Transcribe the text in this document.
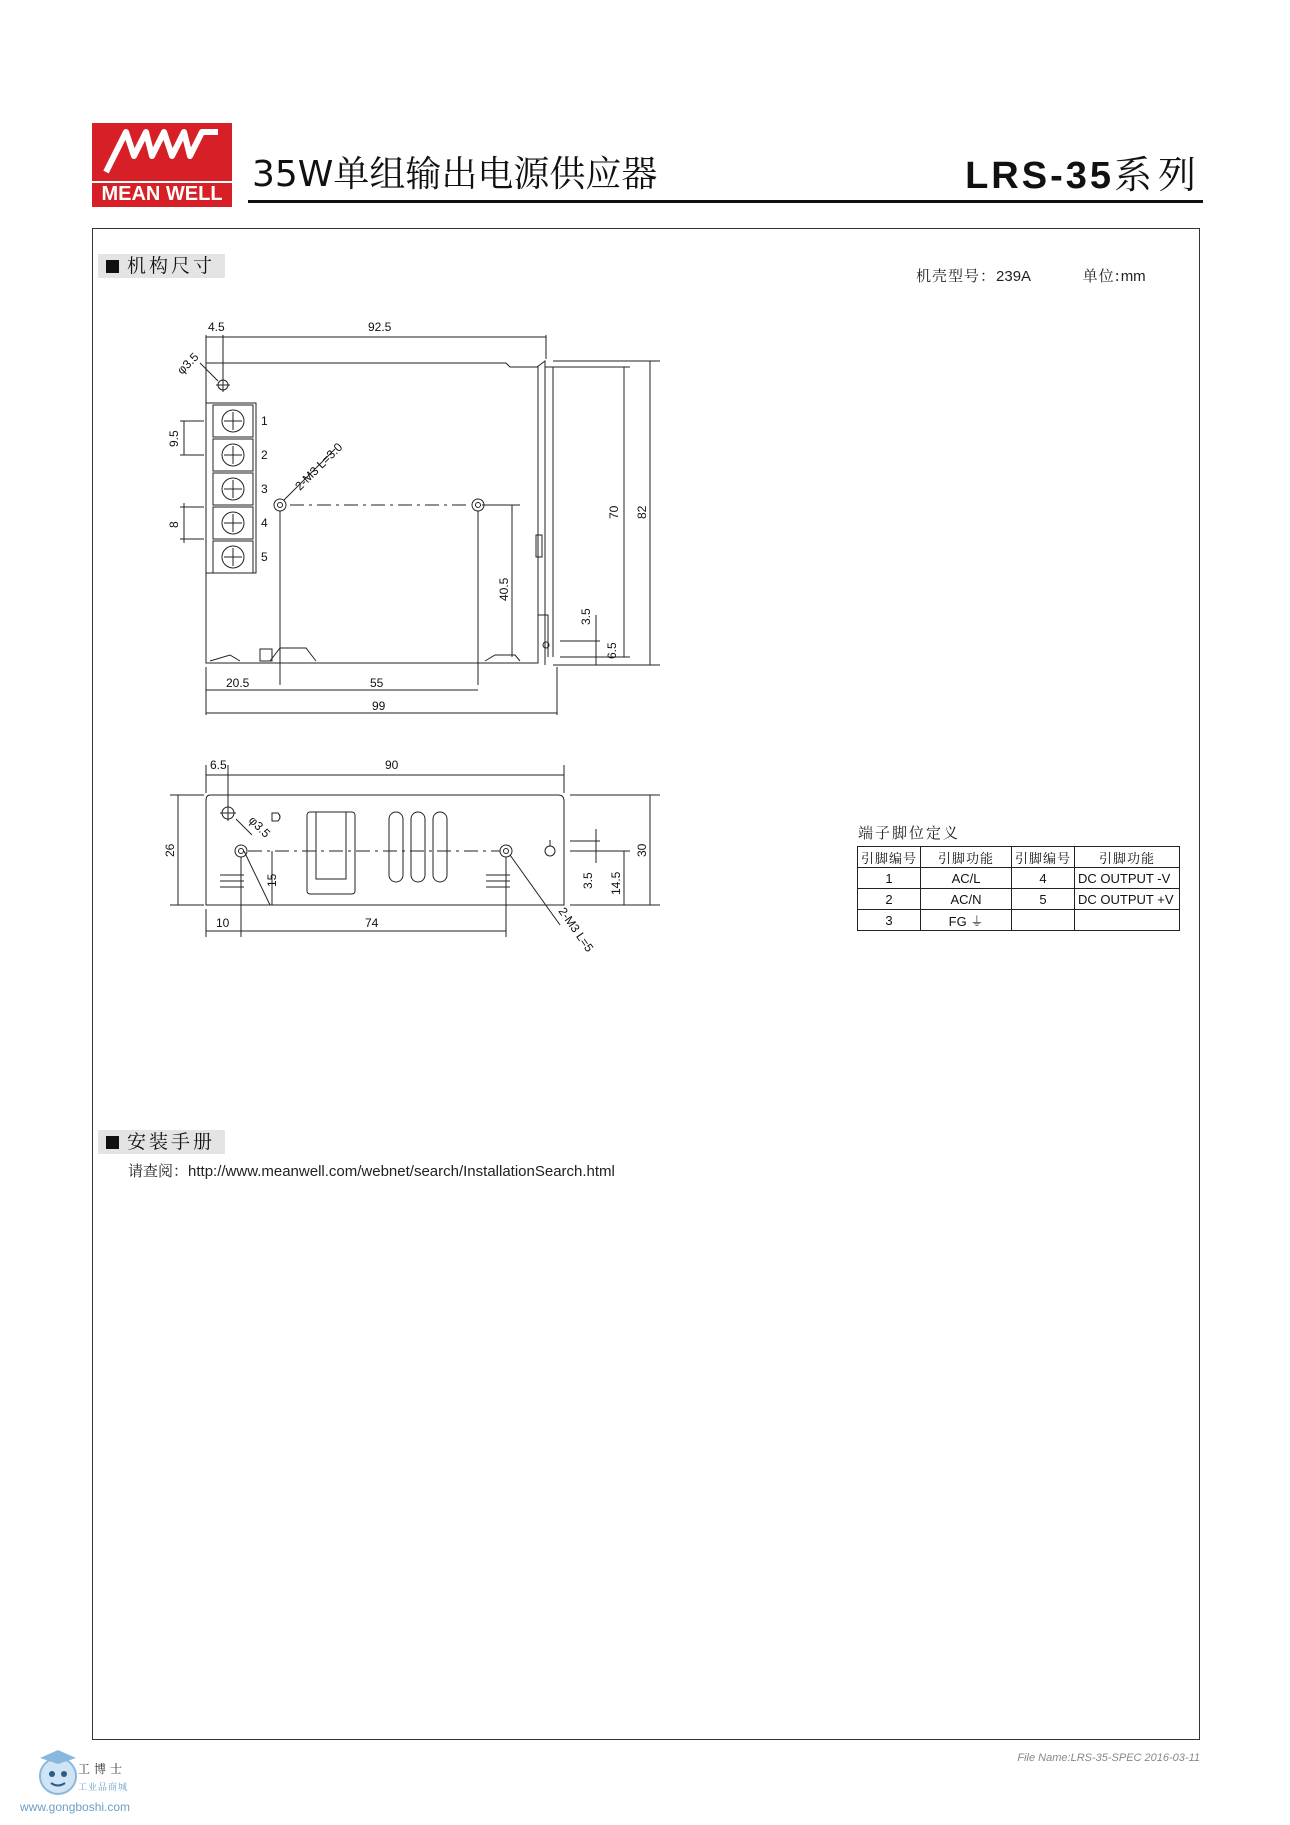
MEAN WELL 35W单组输出电源供应器	LRS-35系列
机构尺寸	机壳型号：239A	单位:mm
4.5	92.5
φ3.5
9.5
8
2-M3 L=3.0
70 82
40.5
3.5
6.5
20.5	55
99
1
2
3
4
5
6.5	90
26
φ3.5
15	3.5 14.5
30
10	74	2-M3 L=5
端子脚位定义
引脚编号	引脚功能	引脚编号	引脚功能
1	AC/L	4	DC OUTPUT -V
2	AC/N	5	DC OUTPUT +V
3	FG ⏚		
安装手册
请查阅：http://www.meanwell.com/webnet/search/InstallationSearch.html
File Name:LRS-35-SPEC 2016-03-11
工博士
工业品商城
www.gongboshi.com
